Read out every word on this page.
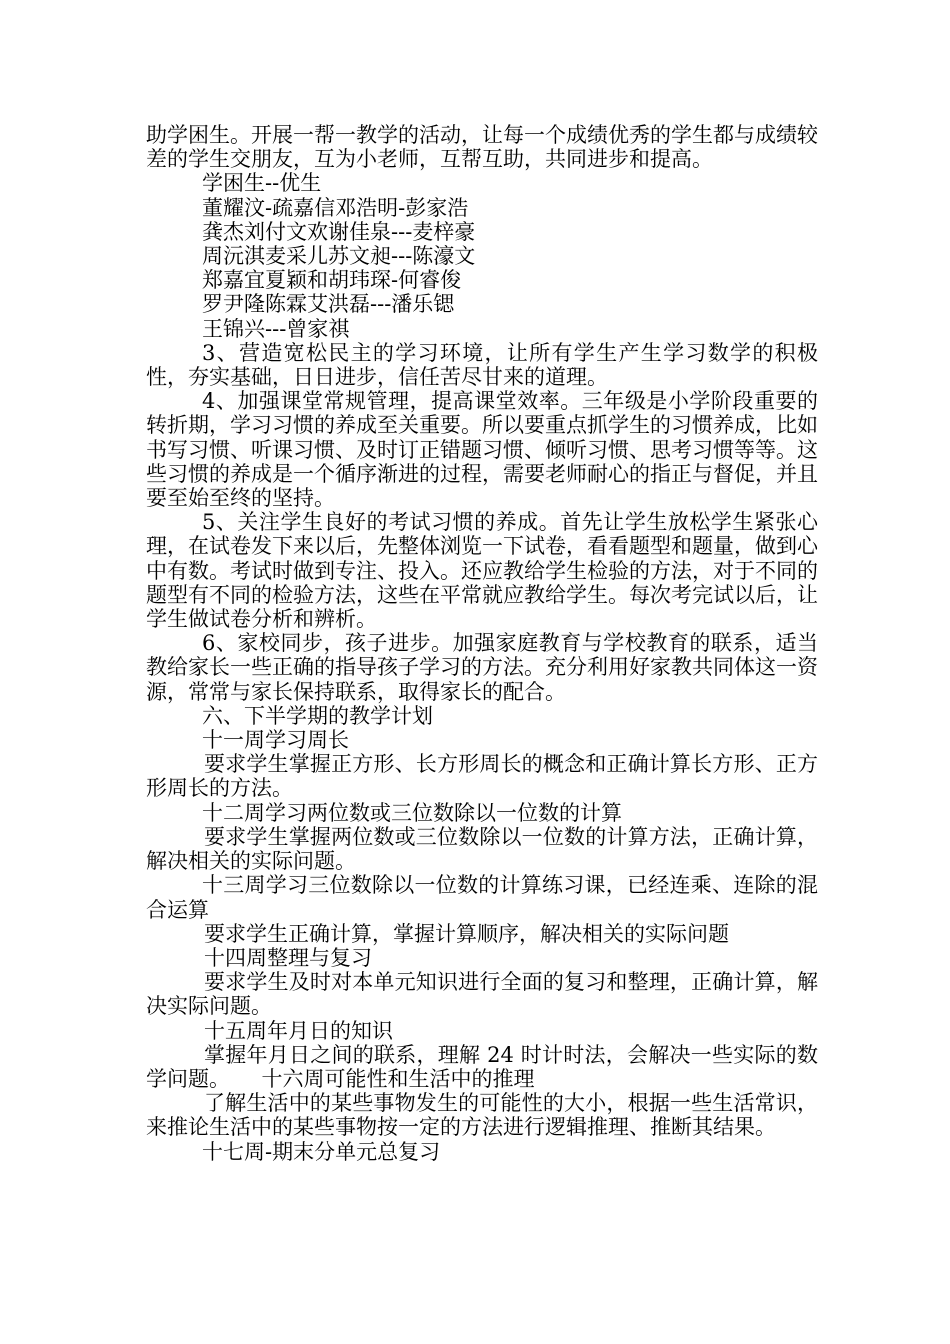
助学困生。开展一帮一教学的活动，让每一个成绩优秀的学生都与成绩较差的学生交朋友，互为小老师，互帮互助，共同进步和提高。

学困生--优生

董耀汶-疏嘉信邓浩明-彭家浩

龚杰刘付文欢谢佳泉---麦梓豪

周沅淇麦采儿苏文昶---陈濠文

郑嘉宜夏颖和胡玮琛-何睿俊

罗尹隆陈霖艾洪磊---潘乐锶

王锦兴---曾家祺

3、营造宽松民主的学习环境，让所有学生产生学习数学的积极性，夯实基础，日日进步，信任苦尽甘来的道理。

4、加强课堂常规管理，提高课堂效率。三年级是小学阶段重要的转折期，学习习惯的养成至关重要。所以要重点抓学生的习惯养成，比如书写习惯、听课习惯、及时订正错题习惯、倾听习惯、思考习惯等等。这些习惯的养成是一个循序渐进的过程，需要老师耐心的指正与督促，并且要至始至终的坚持。

5、关注学生良好的考试习惯的养成。首先让学生放松学生紧张心理，在试卷发下来以后，先整体浏览一下试卷，看看题型和题量，做到心中有数。考试时做到专注、投入。还应教给学生检验的方法，对于不同的题型有不同的检验方法，这些在平常就应教给学生。每次考完试以后，让学生做试卷分析和辨析。

6、家校同步，孩子进步。加强家庭教育与学校教育的联系，适当教给家长一些正确的指导孩子学习的方法。充分利用好家教共同体这一资源，常常与家长保持联系，取得家长的配合。

六、下半学期的教学计划

十一周学习周长

要求学生掌握正方形、长方形周长的概念和正确计算长方形、正方形周长的方法。

十二周学习两位数或三位数除以一位数的计算

要求学生掌握两位数或三位数除以一位数的计算方法，正确计算，解决相关的实际问题。

十三周学习三位数除以一位数的计算练习课，已经连乘、连除的混合运算

要求学生正确计算，掌握计算顺序，解决相关的实际问题

十四周整理与复习

要求学生及时对本单元知识进行全面的复习和整理，正确计算，解决实际问题。

十五周年月日的知识

掌握年月日之间的联系，理解 24 时计时法，会解决一些实际的数学问题。　　十六周可能性和生活中的推理

了解生活中的某些事物发生的可能性的大小，根据一些生活常识，来推论生活中的某些事物按一定的方法进行逻辑推理、推断其结果。

十七周-期末分单元总复习
